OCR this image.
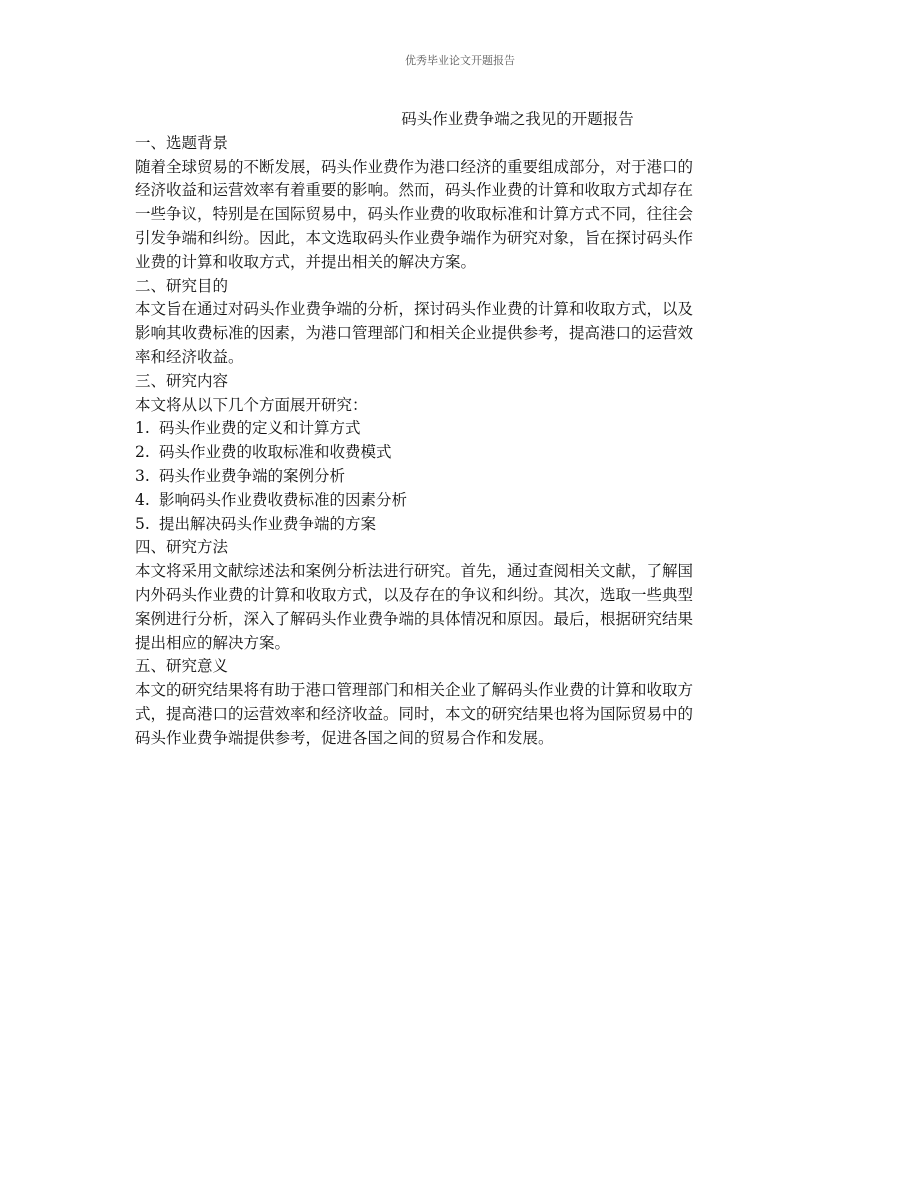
优秀毕业论文开题报告
码头作业费争端之我见的开题报告
一、选题背景
随着全球贸易的不断发展，码头作业费作为港口经济的重要组成部分，对于港口的
经济收益和运营效率有着重要的影响。然而，码头作业费的计算和收取方式却存在
一些争议，特别是在国际贸易中，码头作业费的收取标准和计算方式不同，往往会
引发争端和纠纷。因此，本文选取码头作业费争端作为研究对象，旨在探讨码头作
业费的计算和收取方式，并提出相关的解决方案。
二、研究目的
本文旨在通过对码头作业费争端的分析，探讨码头作业费的计算和收取方式，以及
影响其收费标准的因素，为港口管理部门和相关企业提供参考，提高港口的运营效
率和经济收益。
三、研究内容
本文将从以下几个方面展开研究：
1. 码头作业费的定义和计算方式
2. 码头作业费的收取标准和收费模式
3. 码头作业费争端的案例分析
4. 影响码头作业费收费标准的因素分析
5. 提出解决码头作业费争端的方案
四、研究方法
本文将采用文献综述法和案例分析法进行研究。首先，通过查阅相关文献，了解国
内外码头作业费的计算和收取方式，以及存在的争议和纠纷。其次，选取一些典型
案例进行分析，深入了解码头作业费争端的具体情况和原因。最后，根据研究结果
提出相应的解决方案。
五、研究意义
本文的研究结果将有助于港口管理部门和相关企业了解码头作业费的计算和收取方
式，提高港口的运营效率和经济收益。同时，本文的研究结果也将为国际贸易中的
码头作业费争端提供参考，促进各国之间的贸易合作和发展。
